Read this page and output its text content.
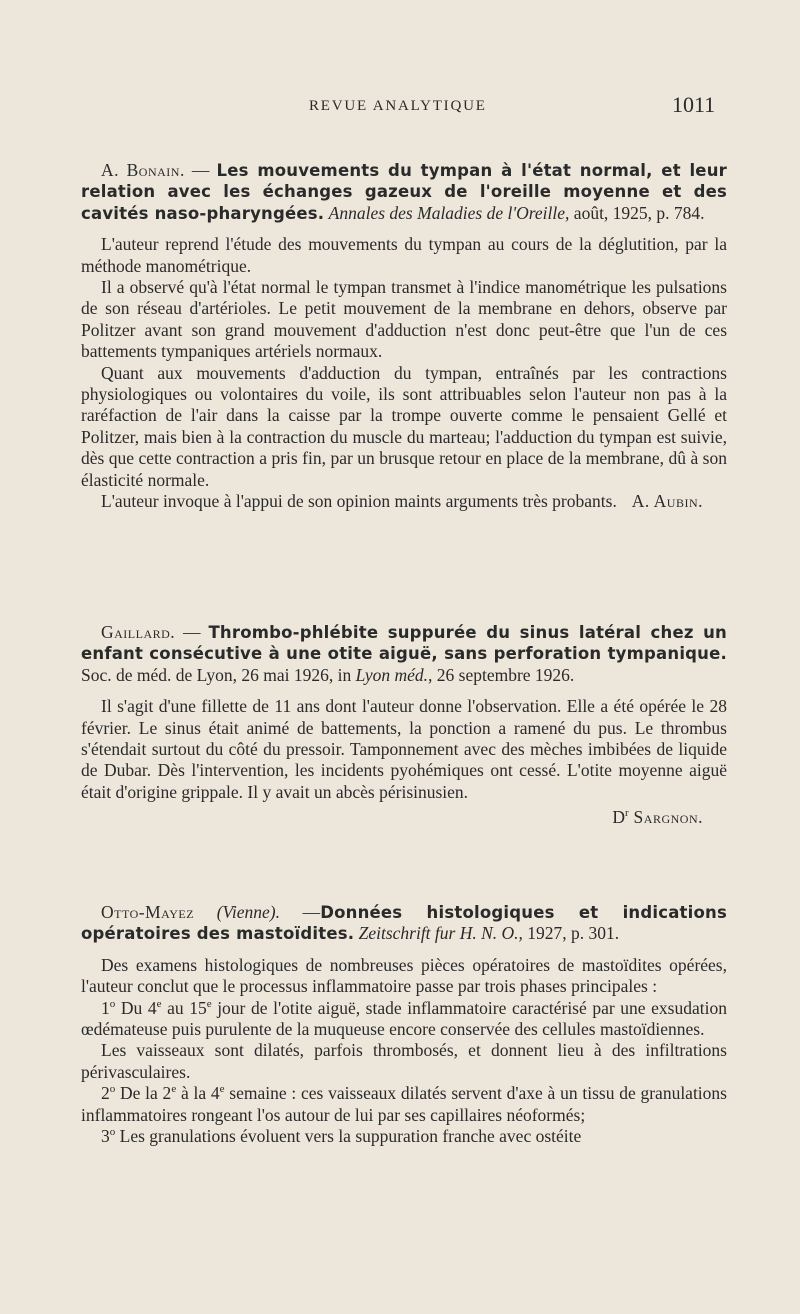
REVUE ANALYTIQUE	1011

A. Bonain. — Les mouvements du tympan à l'état normal, et leur relation avec les échanges gazeux de l'oreille moyenne et des cavités naso-pharyngées. Annales des Maladies de l'Oreille, août, 1925, p. 784.

L'auteur reprend l'étude des mouvements du tympan au cours de la déglutition, par la méthode manométrique.

Il a observé qu'à l'état normal le tympan transmet à l'indice manométrique les pulsations de son réseau d'artérioles. Le petit mouvement de la membrane en dehors, observe par Politzer avant son grand mouvement d'adduction n'est donc peut-être que l'un de ces battements tympaniques artériels normaux.

Quant aux mouvements d'adduction du tympan, entraînés par les contractions physiologiques ou volontaires du voile, ils sont attribuables selon l'auteur non pas à la raréfaction de l'air dans la caisse par la trompe ouverte comme le pensaient Gellé et Politzer, mais bien à la contraction du muscle du marteau; l'adduction du tympan est suivie, dès que cette contraction a pris fin, par un brusque retour en place de la membrane, dû à son élasticité normale.

L'auteur invoque à l'appui de son opinion maints arguments très probants. A. Aubin.

Gaillard. — Thrombo-phlébite suppurée du sinus latéral chez un enfant consécutive à une otite aiguë, sans perforation tympanique. Soc. de méd. de Lyon, 26 mai 1926, in Lyon méd., 26 septembre 1926.

Il s'agit d'une fillette de 11 ans dont l'auteur donne l'observation. Elle a été opérée le 28 février. Le sinus était animé de battements, la ponction a ramené du pus. Le thrombus s'étendait surtout du côté du pressoir. Tamponnement avec des mèches imbibées de liquide de Dubar. Dès l'intervention, les incidents pyohémiques ont cessé. L'otite moyenne aiguë était d'origine grippale. Il y avait un abcès périsinusien.

$D^r$ Sargnon.

Otto-Mayez (Vienne). —Données histologiques et indications opératoires des mastoïdites. Zeitschrift fur H. N. O., 1927, p. 301.

Des examens histologiques de nombreuses pièces opératoires de mastoïdites opérées, l'auteur conclut que le processus inflammatoire passe par trois phases principales :

1$^o$ Du 4e au 15e jour de l'otite aiguë, stade inflammatoire caractérisé par une exsudation œdémateuse puis purulente de la muqueuse encore conservée des cellules mastoïdiennes.

Les vaisseaux sont dilatés, parfois thrombosés, et donnent lieu à des infiltrations périvasculaires.

2$^o$ De la 2e à la 4e semaine : ces vaisseaux dilatés servent d'axe à un tissu de granulations inflammatoires rongeant l'os autour de lui par ses capillaires néoformés;

3$^o$ Les granulations évoluent vers la suppuration franche avec ostéite
